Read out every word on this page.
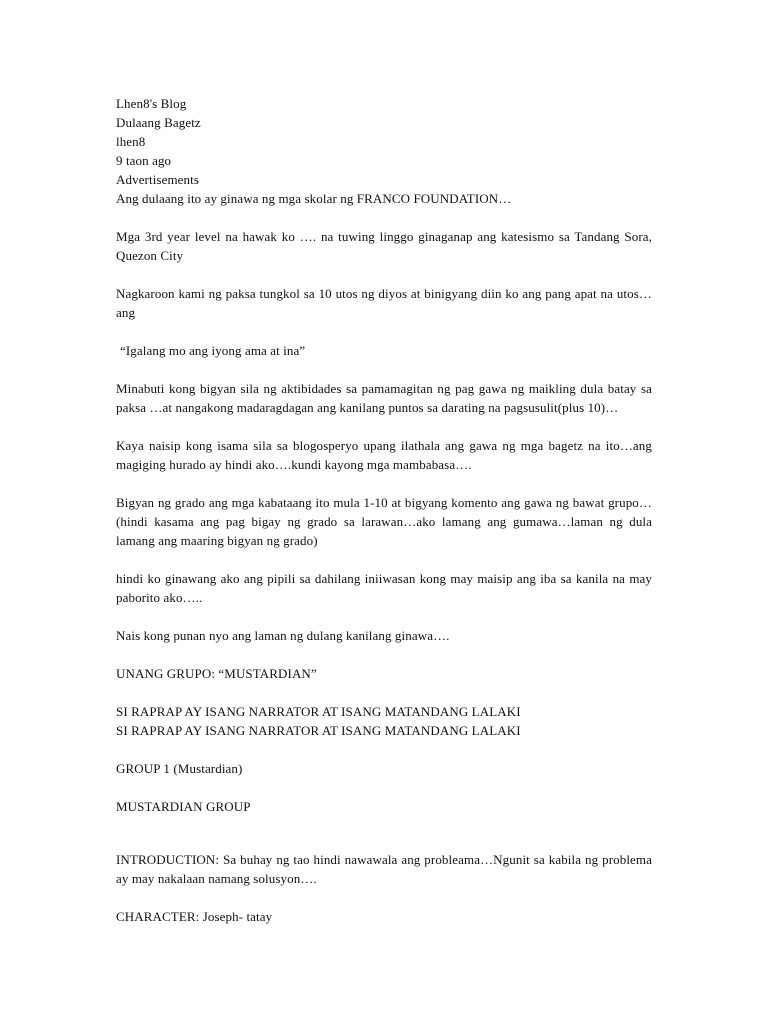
Lhen8's Blog
Dulaang Bagetz
lhen8
9 taon ago
Advertisements
Ang dulaang ito ay ginawa ng mga skolar ng FRANCO FOUNDATION…

Mga 3rd year level na hawak ko …. na tuwing linggo ginaganap ang katesismo sa Tandang Sora, Quezon City

Nagkaroon kami ng paksa tungkol sa 10 utos ng diyos at binigyang diin ko ang pang apat na utos…ang

“Igalang mo ang iyong ama at ina”

Minabuti kong bigyan sila ng aktibidades sa pamamagitan ng pag gawa ng maikling dula batay sa paksa …at nangakong madaragdagan ang kanilang puntos sa darating na pagsusulit(plus 10)…

Kaya naisip kong isama sila sa blogosperyo upang ilathala ang gawa ng mga bagetz na ito…ang magiging hurado ay hindi ako….kundi kayong mga mambabasa….

Bigyan ng grado ang mga kabataang ito mula 1-10 at bigyang komento ang gawa ng bawat grupo…(hindi kasama ang pag bigay ng grado sa larawan…ako lamang ang gumawa…laman ng dula lamang ang maaring bigyan ng grado)

hindi ko ginawang ako ang pipili sa dahilang iniiwasan kong may maisip ang iba sa kanila na may paborito ako…..

Nais kong punan nyo ang laman ng dulang kanilang ginawa….
UNANG GRUPO: “MUSTARDIAN”
SI RAPRAP AY ISANG NARRATOR AT ISANG MATANDANG LALAKI
SI RAPRAP AY ISANG NARRATOR AT ISANG MATANDANG LALAKI
GROUP 1 (Mustardian)
MUSTARDIAN GROUP

INTRODUCTION: Sa buhay ng tao hindi nawawala ang probleama…Ngunit sa kabila ng problema ay may nakalaan namang solusyon….

CHARACTER: Joseph- tatay
